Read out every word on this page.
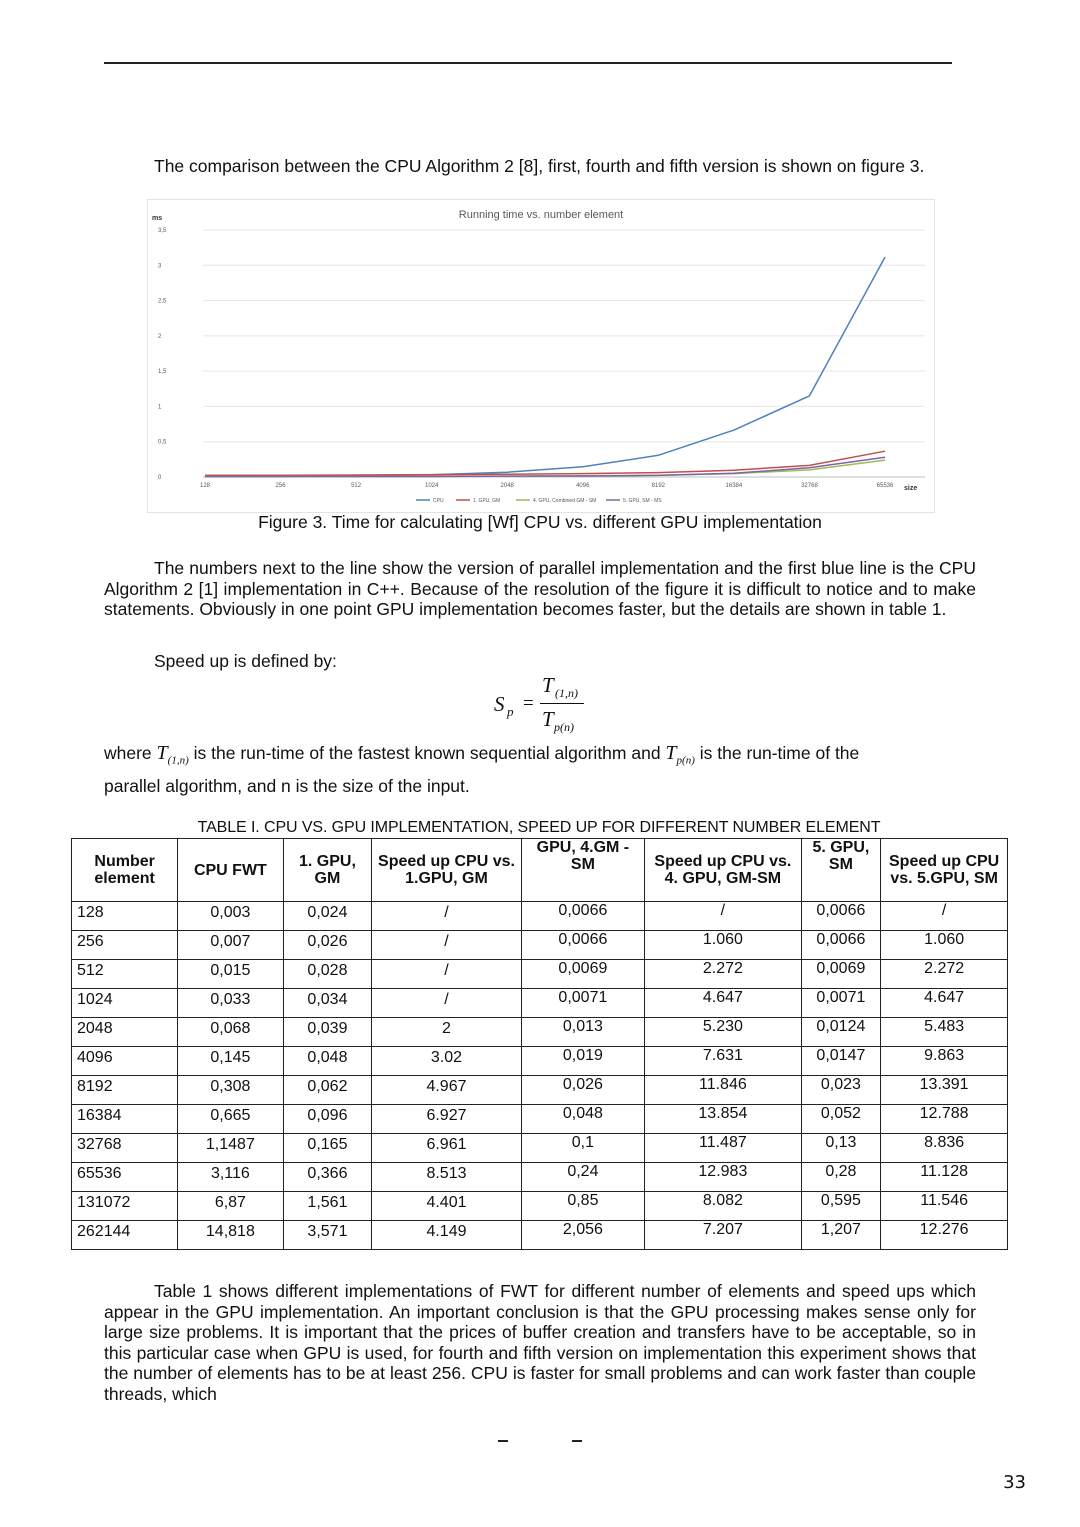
The comparison between the CPU Algorithm 2 [8], first, fourth and fifth version is shown on figure 3.

Running time vs. number element
ms
size
0
0,5
1
1,5
2
2,5
3
3,5
128	256	512	1024	2048	4096	8192	16384	32768	65536
CPU	1. GPU, GM	4. GPU, Combined GM - SM	5. GPU, SM - MS
Figure 3. Time for calculating [Wf] CPU vs. different GPU implementation

The numbers next to the line show the version of parallel implementation and the first blue line is the CPU Algorithm 2 [1] implementation in C++. Because of the resolution of the figure it is difficult to notice and to make statements. Obviously in one point GPU implementation becomes faster, but the details are shown in table 1.

Speed up is defined by:

S p =
T (1,n)
T p(n)
where $T_{(1,n)}$ is the run-time of the fastest known sequential algorithm and $T_{p(n)}$ is the run-time of the
parallel algorithm, and n is the size of the input.
TABLE I. CPU VS. GPU IMPLEMENTATION, SPEED UP FOR DIFFERENT NUMBER ELEMENT
Number element	CPU FWT	1. GPU, GM	Speed up CPU vs. 1.GPU, GM	GPU, 4.GM - SM	Speed up CPU vs. 4. GPU, GM-SM	5. GPU, SM	Speed up CPU vs. 5.GPU, SM
128	0,003	0,024	/	0,0066	/	0,0066	/
256	0,007	0,026	/	0,0066	1.060	0,0066	1.060
512	0,015	0,028	/	0,0069	2.272	0,0069	2.272
1024	0,033	0,034	/	0,0071	4.647	0,0071	4.647
2048	0,068	0,039	2	0,013	5.230	0,0124	5.483
4096	0,145	0,048	3.02	0,019	7.631	0,0147	9.863
8192	0,308	0,062	4.967	0,026	11.846	0,023	13.391
16384	0,665	0,096	6.927	0,048	13.854	0,052	12.788
32768	1,1487	0,165	6.961	0,1	11.487	0,13	8.836
65536	3,116	0,366	8.513	0,24	12.983	0,28	11.128
131072	6,87	1,561	4.401	0,85	8.082	0,595	11.546
262144	14,818	3,571	4.149	2,056	7.207	1,207	12.276

Table 1 shows different implementations of FWT for different number of elements and speed ups which appear in the GPU implementation. An important conclusion is that the GPU processing makes sense only for large size problems. It is important that the prices of buffer creation and transfers have to be acceptable, so in this particular case when GPU is used, for fourth and fifth version on implementation this experiment shows that the number of elements has to be at least 256. CPU is faster for small problems and can work faster than couple threads, which

33
